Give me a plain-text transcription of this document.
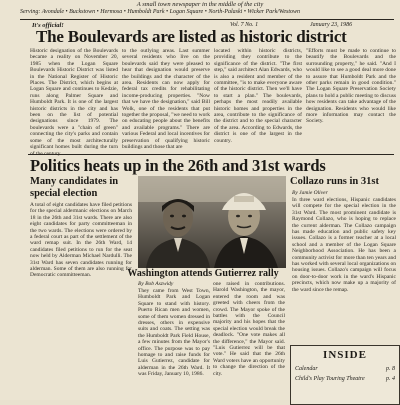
A small town newspaper in the middle of the city
Serving: Avondale • Buckstown • Hermosa • Humboldt Park • Logan Square • North-Palaski • Wicker Park/Westown
It's official!	Vol. 7 No. 1	January 23, 1986
The Boulevards are listed as historic district
Historic designation of the Boulevards became a reality on November 20, 1985 when the Logan Square Boulevards Historic District was listed in the National Register of Historic Places. The District, which begins at Logan Square and continues to Kedzie, runs along Palmer Square and Humboldt Park. It is one of the largest historic districts in the city and has been on the list of potential designations since 1979. The boulevards were a "chain of green" connecting the city's parks and contain some of the most architecturally significant homes built during the turn
to the outlying areas. Last summer several residents who live on the boulevards said they were pleased to hear that designation would preserve the buildings and the character of the area. Residents can now apply for federal tax credits for rehabilitating income-producing properties. "Now that we have the designation," said Bill Wolk, one of the residents that put together the proposal, "we need to work on educating people about the benefits and available programs." There are various Federal and local incentives for preservation of qualifying historic buildings and those that are
located within historic districts, providing they contribute to the significance of the district. "The first step," said architect Alan Edwards, who is also a resident and member of the committee, "is to make everyone aware of the historic district. Then we'll have to start a plan." The boulevards, perhaps the most readily available historic homes and properties in the area, contribute to the significance of the district and to the special character of the area. According to Edwards, the district is one of the largest in the country.
"Efforts must be made to continue to beautify the Boulevards and the surrounding property," he said. "And I would like to see a good deal more done to assure that Humboldt Park and the other parks remain in good condition." The Logan Square Preservation Society plans to hold a public meeting to discuss how residents can take advantage of the designation. Residents who would like more information may contact the Society.
Politics heats up in the 26th and 31st wards
Many candidates in special election
A total of eight candidates have filed petitions for the special aldermanic elections on March 18 in the 26th and 31st wards. There are also eight candidates for party committeeman in the two wards. The elections were ordered by a federal court as part of the settlement of the ward remap suit. In the 26th Ward, 14 candidates filed petitions to run for the seat now held by Alderman Michael Nardulli. The 31st Ward has seven candidates running for alderman. Some of them are also running for Democratic committeeman.	Washington attends Gutierrez rally
By Bob Aszwidy
They came from West Town, Humboldt Park and Logan Square to stand with history. Puerto Rican men and women, some of them women dressed in dresses, others in expensive suits and coats. The setting was the Humboldt Park Field House, a few minutes from the Mayor's office. The purpose was to pay homage to and raise funds for Luis Gutierrez, candidate for alderman in the 26th Ward. It was Friday, January 10, 1986.
one raised in contributions. Harold Washington, the mayor, entered the room and was greeted with cheers from the crowd. The Mayor spoke of the battles with the Council majority and his hopes that the special election would break the deadlock. "One vote makes all the difference," the Mayor said. "Luis Gutierrez will be that vote." He said that the 26th Ward voters have an opportunity to change the direction of the city.
Collazo runs in 31st
By Jamie Oliver
In three ward elections, Hispanic candidates will compete for the special election in the 31st Ward. The most prominent candidate is Raymond Collazo, who is hoping to replace the current alderman. The Collazo campaign has made education and public safety key issues. Collazo is a former teacher at a local school and a member of the Logan Square Neighborhood Association. He has been a community activist for more than ten years and has worked with several local organizations on housing issues. Collazo's campaign will focus on door-to-door work in the ward's Hispanic precincts, which now make up a majority of the ward since the remap.
INSIDE
Calendar	p. 8
Child's Play Touring Theatre	p. 4
